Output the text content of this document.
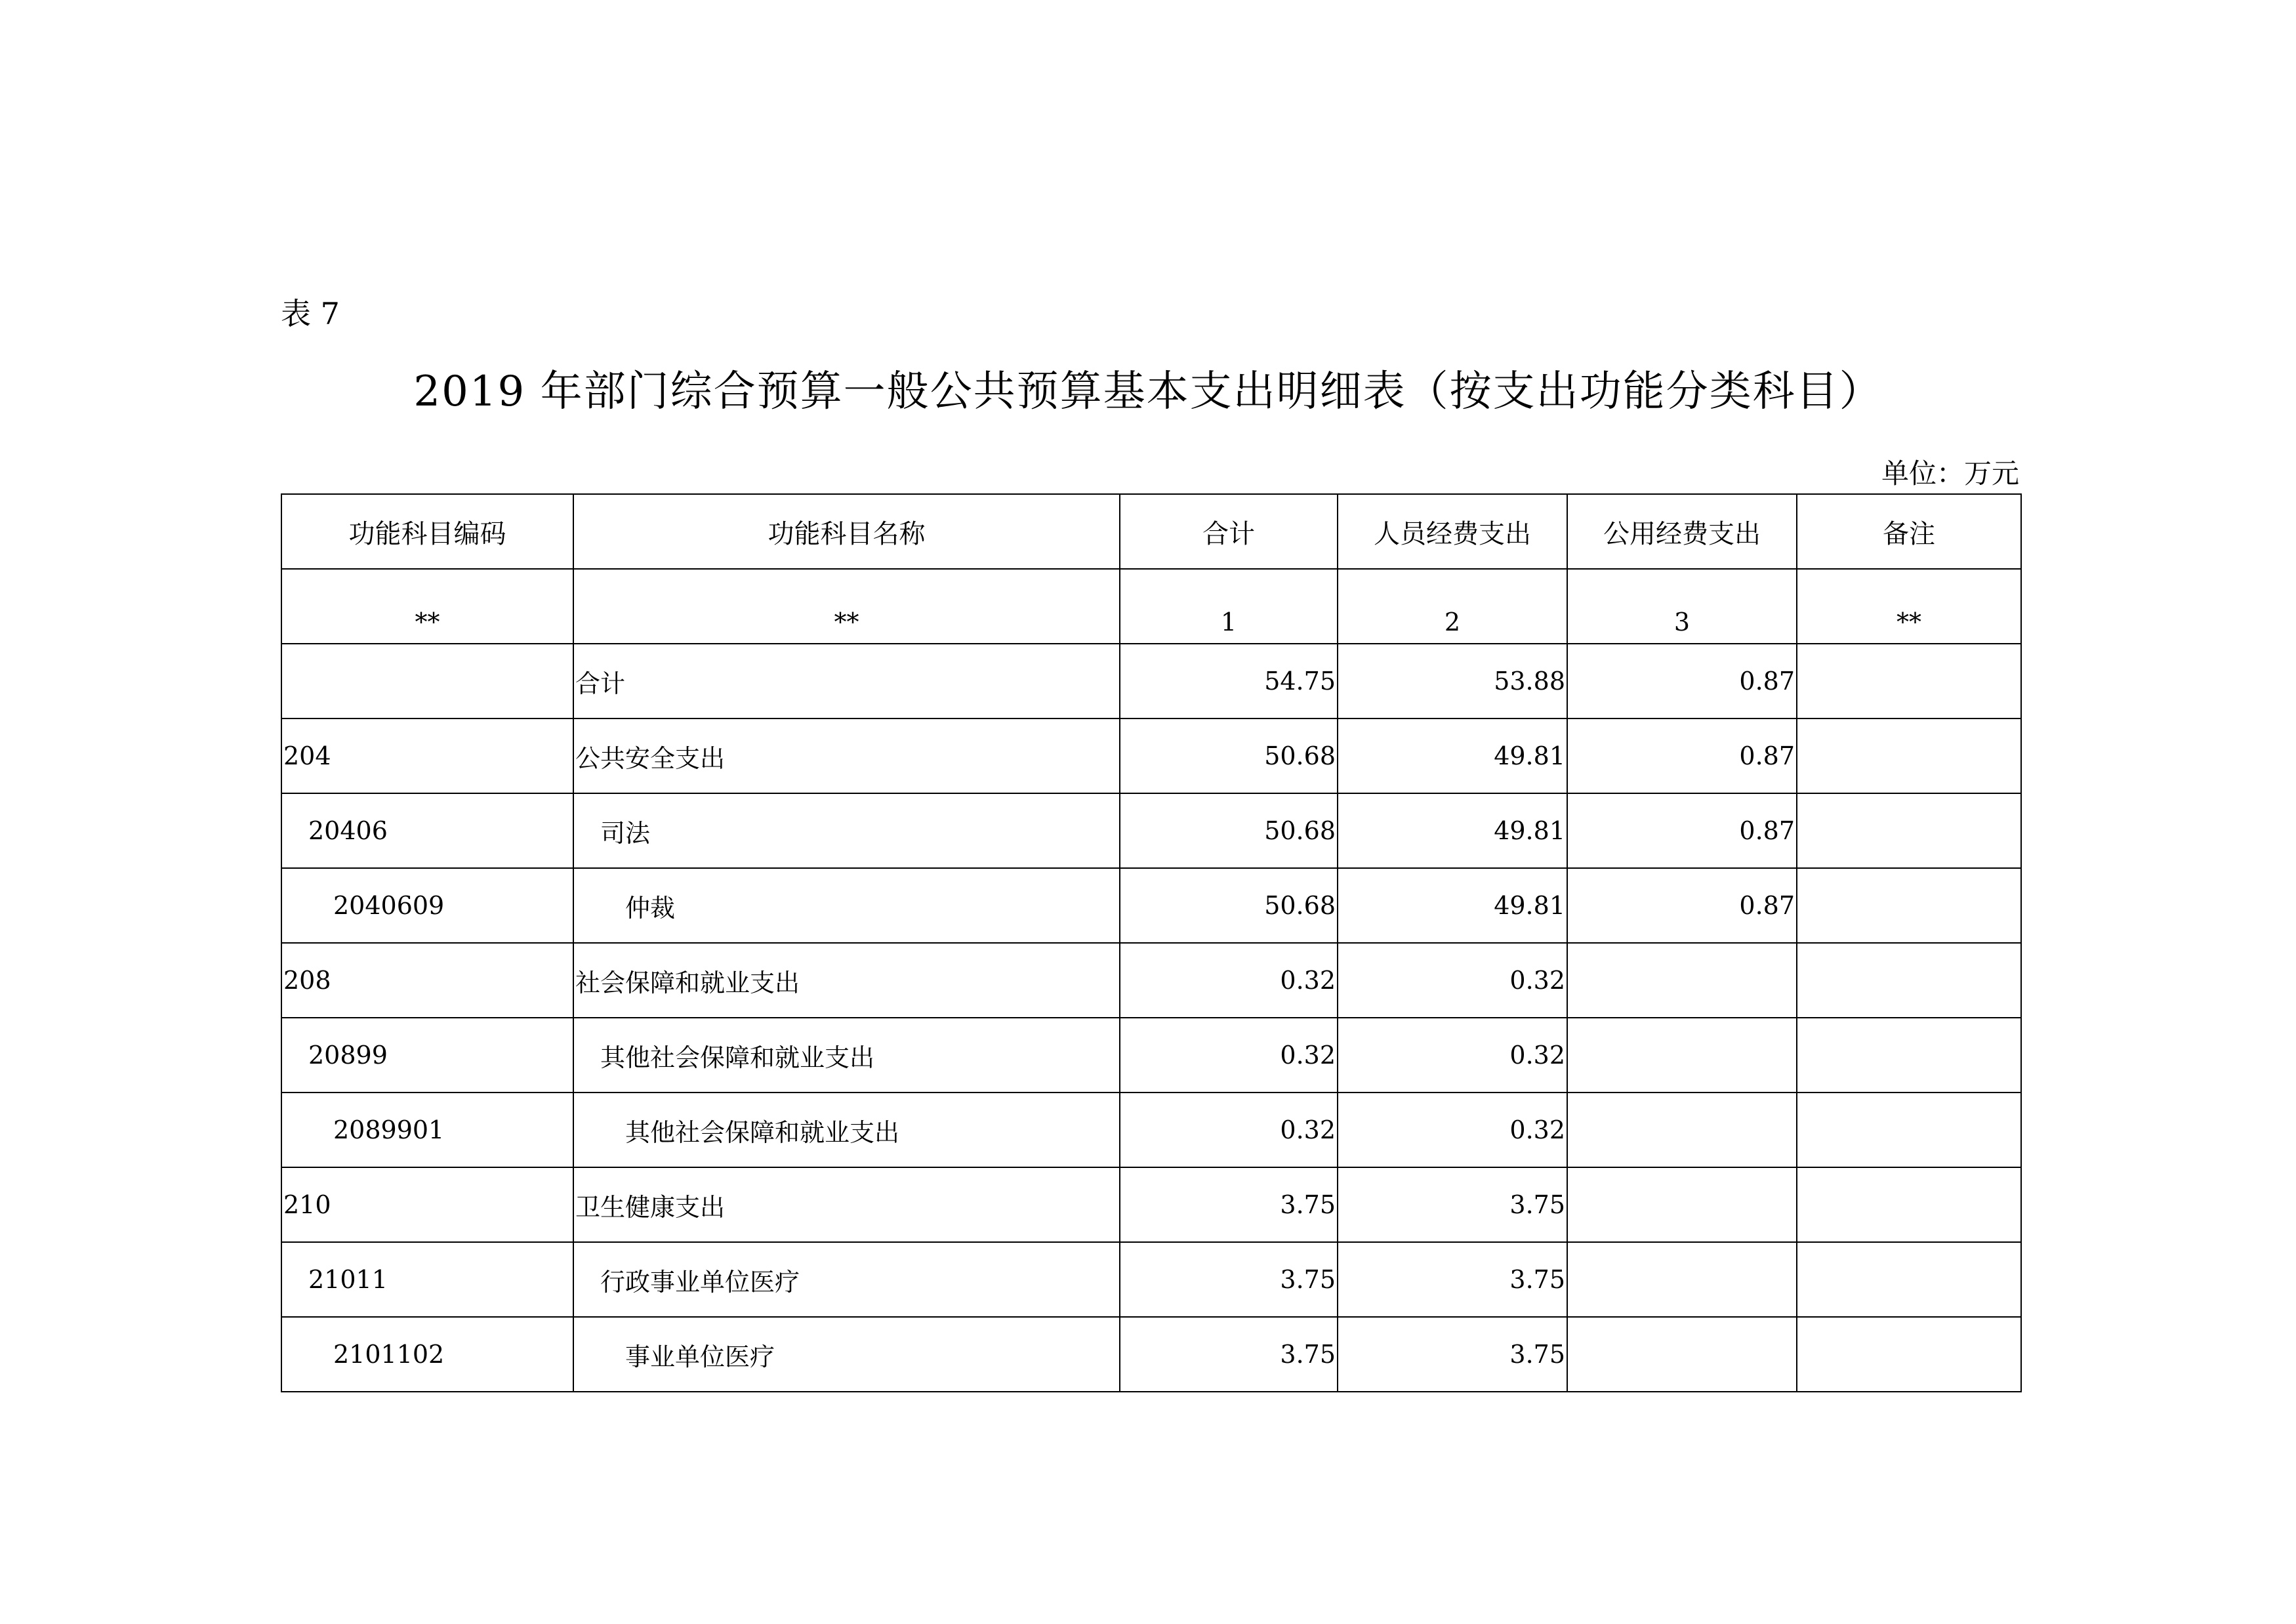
表 7
2019 年部门综合预算一般公共预算基本支出明细表（按支出功能分类科目）
单位：万元
功能科目编码	功能科目名称	合计	人员经费支出	公用经费支出	备注
**	**	1	2	3	**
	合计	54.75	53.88	0.87	
204	公共安全支出	50.68	49.81	0.87	
20406	司法	50.68	49.81	0.87	
2040609	仲裁	50.68	49.81	0.87	
208	社会保障和就业支出	0.32	0.32		
20899	其他社会保障和就业支出	0.32	0.32		
2089901	其他社会保障和就业支出	0.32	0.32		
210	卫生健康支出	3.75	3.75		
21011	行政事业单位医疗	3.75	3.75		
2101102	事业单位医疗	3.75	3.75		
